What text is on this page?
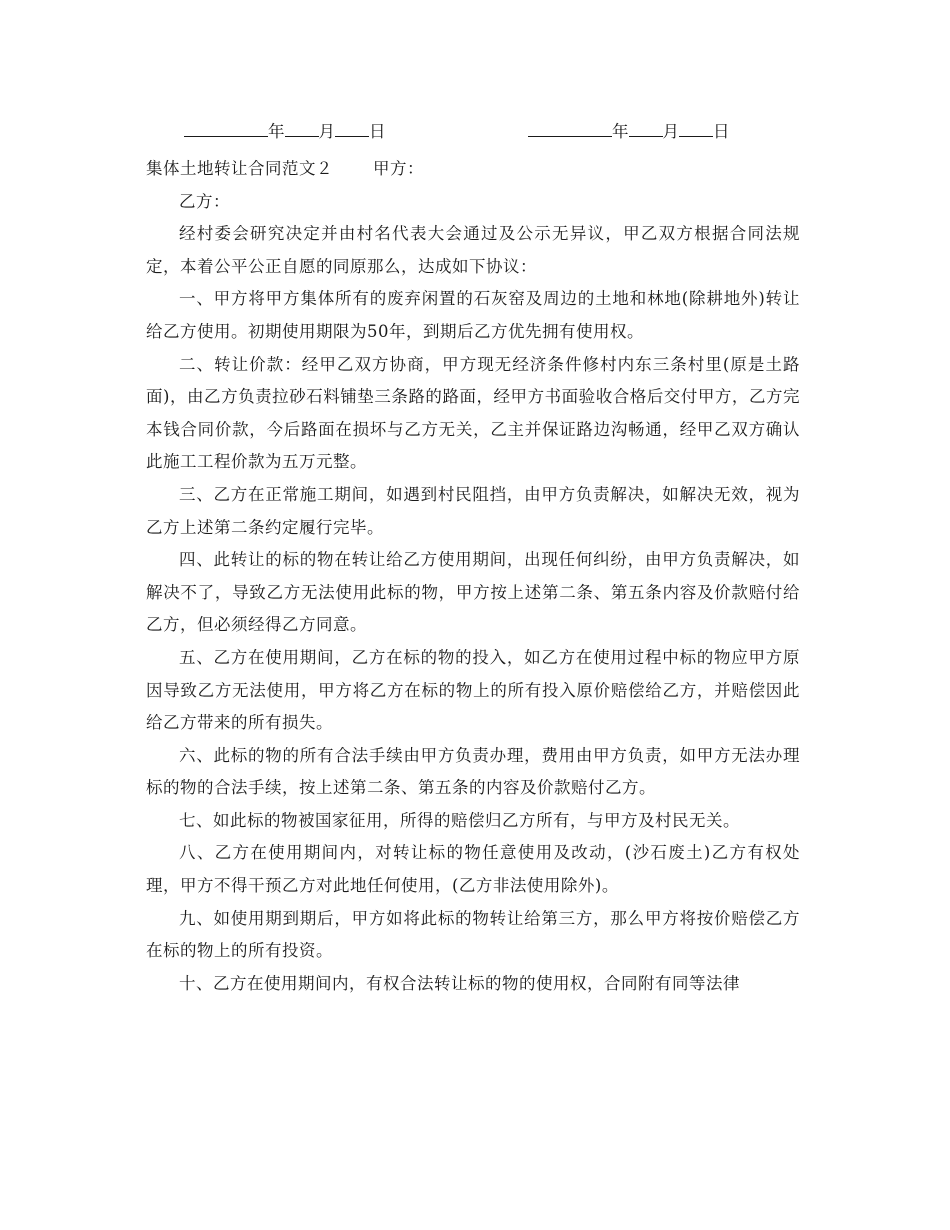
年 月 日	年 月 日

集体土地转让合同范文２ 甲方：

乙方：

经村委会研究决定并由村名代表大会通过及公示无异议，甲乙双方根据合同法规定，本着公平公正自愿的同原那么，达成如下协议：

一、甲方将甲方集体所有的废弃闲置的石灰窑及周边的土地和林地(除耕地外)转让给乙方使用。初期使用期限为50年，到期后乙方优先拥有使用权。

二、转让价款：经甲乙双方协商，甲方现无经济条件修村内东三条村里(原是土路面)，由乙方负责拉砂石料铺垫三条路的路面，经甲方书面验收合格后交付甲方，乙方完本钱合同价款，今后路面在损坏与乙方无关，乙主并保证路边沟畅通，经甲乙双方确认此施工工程价款为五万元整。

三、乙方在正常施工期间，如遇到村民阻挡，由甲方负责解决，如解决无效，视为乙方上述第二条约定履行完毕。

四、此转让的标的物在转让给乙方使用期间，出现任何纠纷，由甲方负责解决，如解决不了，导致乙方无法使用此标的物，甲方按上述第二条、第五条内容及价款赔付给乙方，但必须经得乙方同意。

五、乙方在使用期间，乙方在标的物的投入，如乙方在使用过程中标的物应甲方原因导致乙方无法使用，甲方将乙方在标的物上的所有投入原价赔偿给乙方，并赔偿因此给乙方带来的所有损失。

六、此标的物的所有合法手续由甲方负责办理，费用由甲方负责，如甲方无法办理标的物的合法手续，按上述第二条、第五条的内容及价款赔付乙方。

七、如此标的物被国家征用，所得的赔偿归乙方所有，与甲方及村民无关。

八、乙方在使用期间内，对转让标的物任意使用及改动，(沙石废土)乙方有权处理，甲方不得干预乙方对此地任何使用，(乙方非法使用除外)。

九、如使用期到期后，甲方如将此标的物转让给第三方，那么甲方将按价赔偿乙方在标的物上的所有投资。

十、乙方在使用期间内，有权合法转让标的物的使用权，合同附有同等法律
